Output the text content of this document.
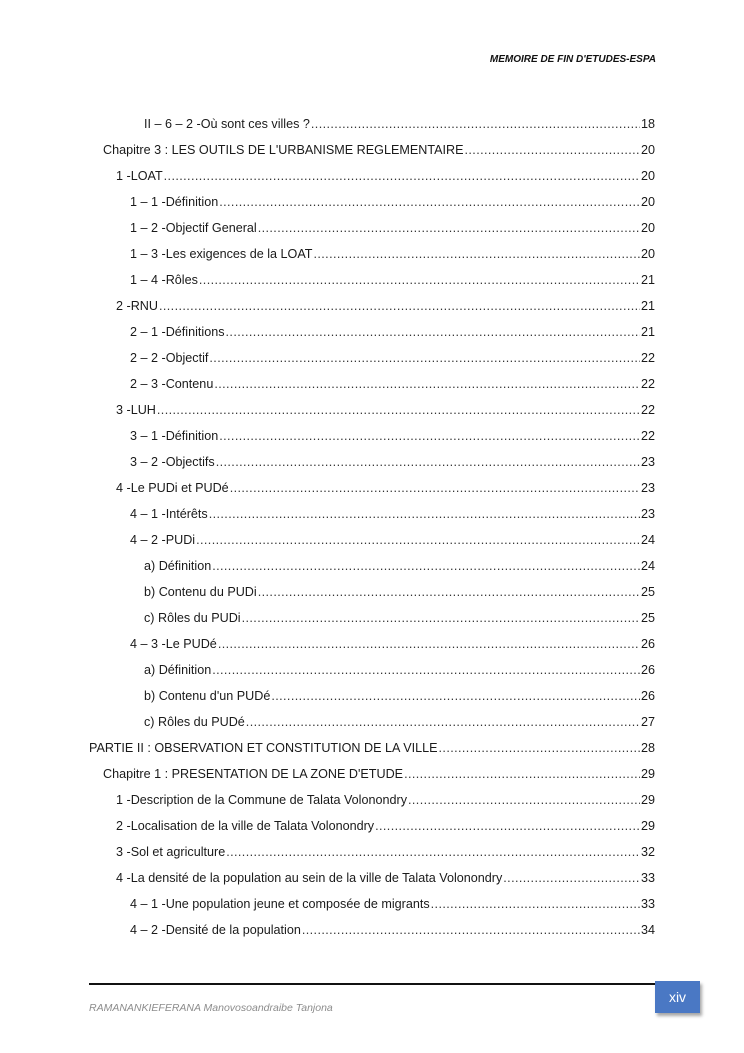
MEMOIRE DE FIN D'ETUDES-ESPA
II – 6 – 2 -Où sont ces villes ? .....	18
Chapitre 3 : LES OUTILS DE L'URBANISME REGLEMENTAIRE .....	20
1 -LOAT .....	20
1 – 1 -Définition .....	20
1 – 2 -Objectif General .....	20
1 – 3 -Les exigences de la LOAT .....	20
1 – 4 -Rôles .....	21
2 -RNU .....	21
2 – 1 -Définitions .....	21
2 – 2 -Objectif .....	22
2 – 3 -Contenu .....	22
3 -LUH .....	22
3 – 1 -Définition .....	22
3 – 2 -Objectifs .....	23
4 -Le PUDi et PUDé .....	23
4 – 1 -Intérêts .....	23
4 – 2 -PUDi .....	24
a) Définition .....	24
b) Contenu du PUDi .....	25
c) Rôles du PUDi .....	25
4 – 3 -Le PUDé .....	26
a) Définition .....	26
b) Contenu d'un PUDé .....	26
c) Rôles du PUDé .....	27
PARTIE II : OBSERVATION ET CONSTITUTION DE LA VILLE .....	28
Chapitre 1 : PRESENTATION DE LA ZONE D'ETUDE .....	29
1 -Description de la Commune de Talata Volonondry .....	29
2 -Localisation de la ville de Talata Volonondry .....	29
3 -Sol et agriculture .....	32
4 -La densité de la population au sein de la ville de Talata Volonondry .....	33
4 – 1 -Une population jeune et composée de migrants .....	33
4 – 2 -Densité de la population .....	34
xiv
RAMANANKIEFERANA Manovosoandraibe Tanjona
